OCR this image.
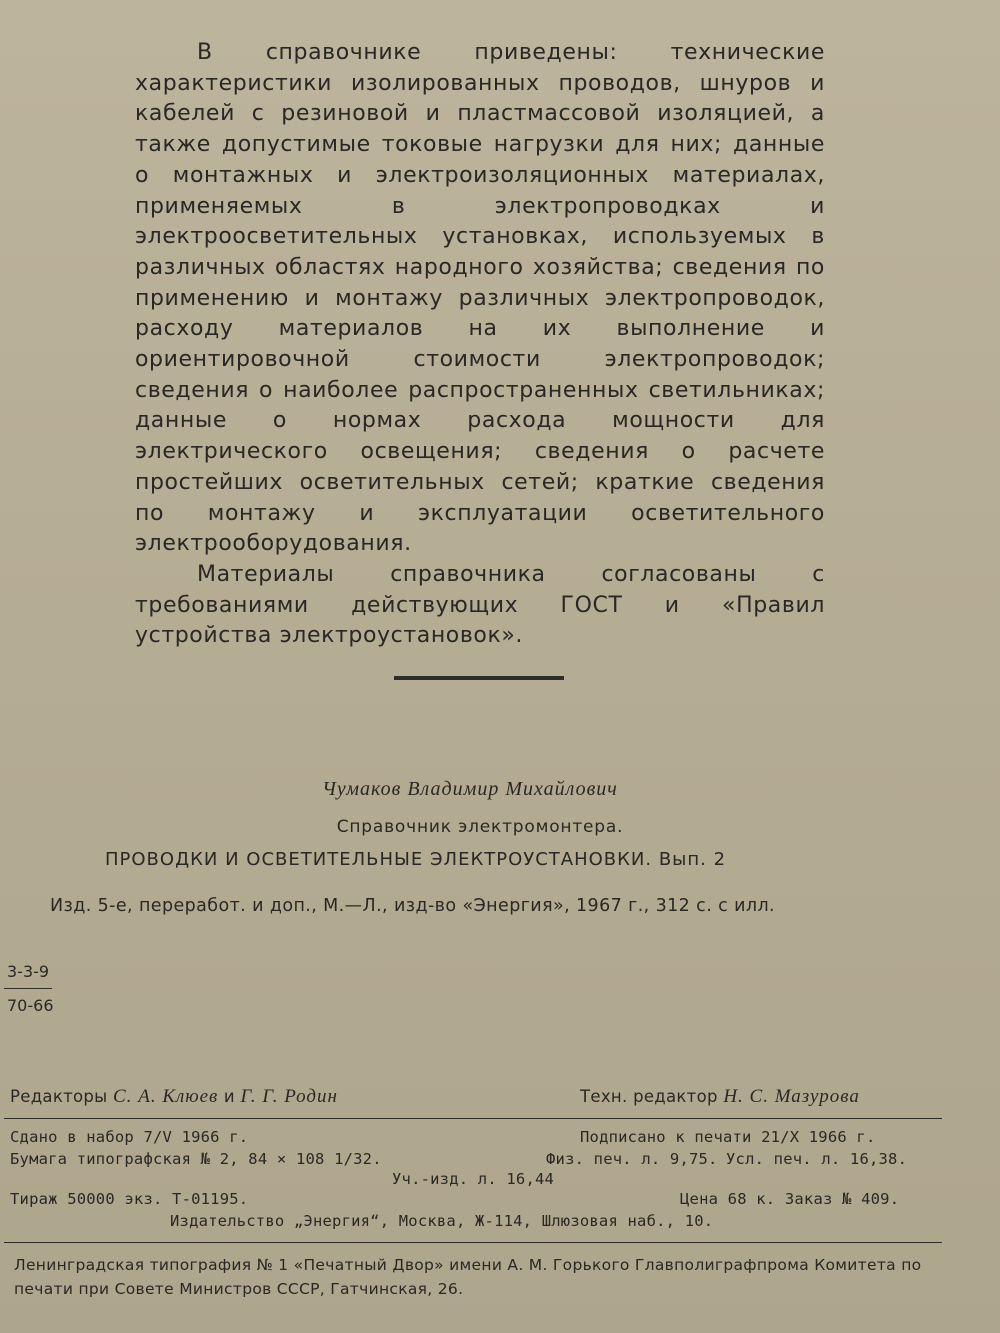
В справочнике приведены: технические характеристики изолированных проводов, шнуров и кабелей с резиновой и пластмассовой изоляцией, а также допустимые токовые нагрузки для них; данные о монтажных и электроизоляционных материалах, применяемых в электропроводках и электроосветительных установках, используемых в различных областях народного хозяйства; сведения по применению и монтажу различных электропроводок, расходу материалов на их выполнение и ориентировочной стоимости электропроводок; сведения о наиболее распространенных светильниках; данные о нормах расхода мощности для электрического освещения; сведения о расчете простейших осветительных сетей; краткие сведения по монтажу и эксплуатации осветительного электрооборудования.

Материалы справочника согласованы с требованиями действующих ГОСТ и «Правил устройства электроустановок».

Чумаков Владимир Михайлович
Справочник электромонтера.
ПРОВОДКИ И ОСВЕТИТЕЛЬНЫЕ ЭЛЕКТРОУСТАНОВКИ. Вып. 2
Изд. 5-е, переработ. и доп., М.—Л., изд-во «Энергия», 1967 г., 312 с. с илл.
3-3-9
70-66
Редакторы С. А. Клюев и Г. Г. Родин	Техн. редактор Н. С. Мазурова
Сдано в набор 7/V 1966 г.	Подписано к печати 21/X 1966 г.
Бумага типографская № 2, 84 × 108 1/32.	Физ. печ. л. 9,75. Усл. печ. л. 16,38.
Уч.-изд. л. 16,44
Тираж 50000 экз. Т-01195.	Цена 68 к. Заказ № 409.
Издательство „Энергия“, Москва, Ж-114, Шлюзовая наб., 10.
Ленинградская типография № 1 «Печатный Двор» имени А. М. Горького Главполиграфпрома Комитета по печати при Совете Министров СССР, Гатчинская, 26.
